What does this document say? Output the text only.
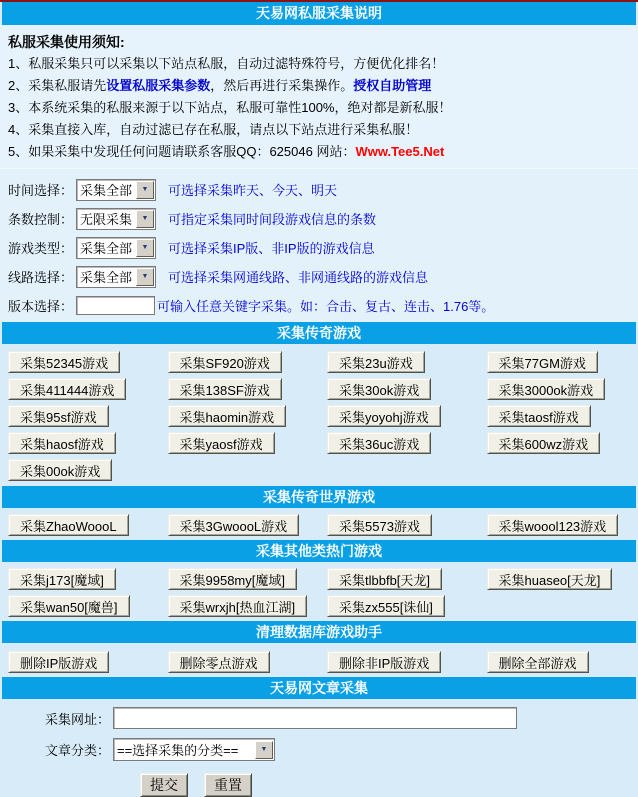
天易网私服采集说明
私服采集使用须知:
1、私服采集只可以采集以下站点私服，自动过滤特殊符号，方便优化排名！
2、采集私服请先设置私服采集参数，然后再进行采集操作。授权自助管理
3、本系统采集的私服来源于以下站点，私服可靠性100%，绝对都是新私服！
4、采集直接入库，自动过滤已存在私服，请点以下站点进行采集私服！
5、如果采集中发现任何问题请联系客服QQ：625046 网站：Www.Tee5.Net
时间选择： 采集全部	▼	可选择采集昨天、今天、明天
条数控制： 无限采集	▼	可指定采集同时间段游戏信息的条数
游戏类型： 采集全部	▼	可选择采集IP版、非IP版的游戏信息
线路选择： 采集全部	▼	可选择采集网通线路、非网通线路的游戏信息
版本选择：	可输入任意关键字采集。如：合击、复古、连击、1.76等。
采集传奇游戏
采集52345游戏	采集SF920游戏	采集23u游戏	采集77GM游戏
采集411444游戏	采集138SF游戏	采集30ok游戏	采集3000ok游戏
采集95sf游戏	采集haomin游戏	采集yoyohj游戏	采集taosf游戏
采集haosf游戏	采集yaosf游戏	采集36uc游戏	采集600wz游戏
采集00ok游戏
采集传奇世界游戏
采集ZhaoWoooL	采集3GwoooL游戏	采集5573游戏	采集woool123游戏
采集其他类热门游戏
采集j173[魔域]	采集9958my[魔域]	采集tlbbfb[天龙]	采集huaseo[天龙]
采集wan50[魔兽]	采集wrxjh[热血江湖]	采集zx555[诛仙]
清理数据库游戏助手
删除IP版游戏	删除零点游戏	删除非IP版游戏	删除全部游戏
天易网文章采集
采集网址：
文章分类： ==选择采集的分类==	▼
提交	重置
